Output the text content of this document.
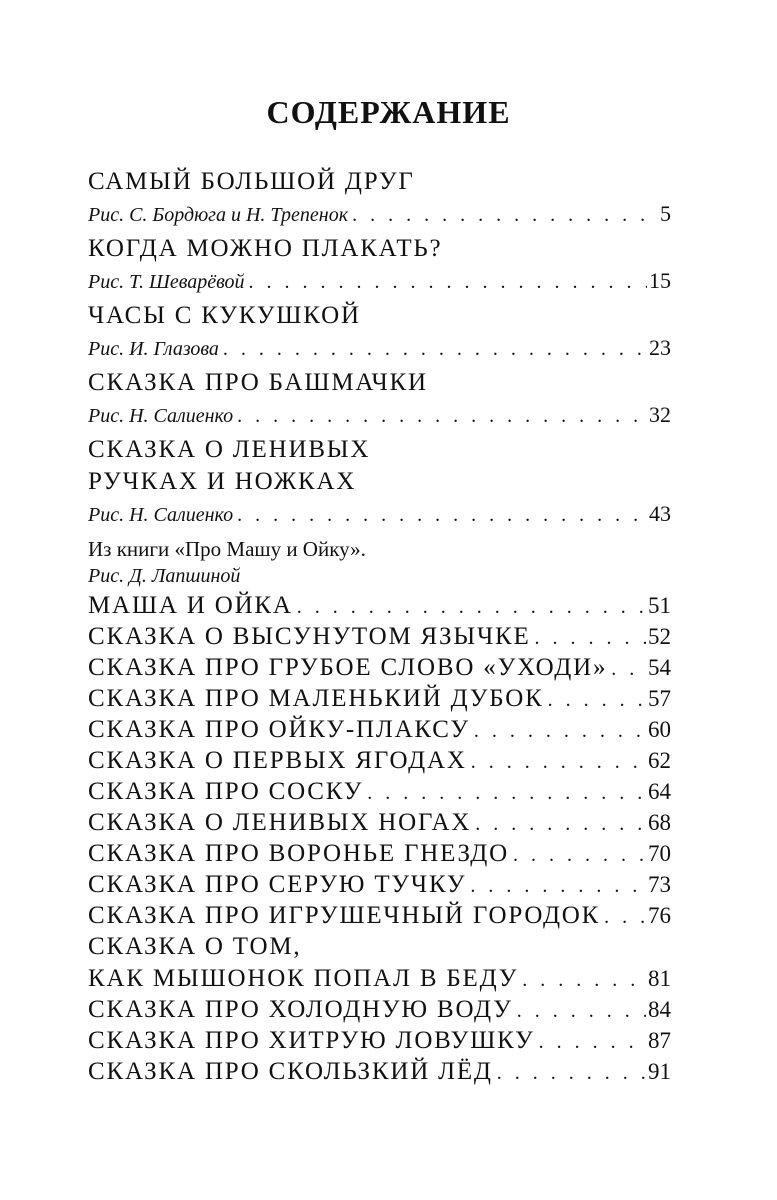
СОДЕРЖАНИЕ
САМЫЙ БОЛЬШОЙ ДРУГ
Рис. С. Бордюга и Н. Трепенок . . .	5
КОГДА МОЖНО ПЛАКАТЬ?
Рис. Т. Шеварёвой . . .	15
ЧАСЫ С КУКУШКОЙ
Рис. И. Глазова . . .	23
СКАЗКА ПРО БАШМАЧКИ
Рис. Н. Салиенко . . .	32
СКАЗКА О ЛЕНИВЫХ
РУЧКАХ И НОЖКАХ
Рис. Н. Салиенко . . .	43
Из книги «Про Машу и Ойку».
Рис. Д. Лапшиной
МАША И ОЙКА . . .	51
СКАЗКА О ВЫСУНУТОМ ЯЗЫЧКЕ . . .	52
СКАЗКА ПРО ГРУБОЕ СЛОВО «УХОДИ» . . . 54
СКАЗКА ПРО МАЛЕНЬКИЙ ДУБОК . . .	57
СКАЗКА ПРО ОЙКУ-ПЛАКСУ . . .	60
СКАЗКА О ПЕРВЫХ ЯГОДАХ . . .	62
СКАЗКА ПРО СОСКУ . . .	64
СКАЗКА О ЛЕНИВЫХ НОГАХ . . .	68
СКАЗКА ПРО ВОРОНЬЕ ГНЕЗДО . . .	70
СКАЗКА ПРО СЕРУЮ ТУЧКУ . . .	73
СКАЗКА ПРО ИГРУШЕЧНЫЙ ГОРОДОК . . . 76
СКАЗКА О ТОМ,
КАК МЫШОНОК ПОПАЛ В БЕДУ . . .	81
СКАЗКА ПРО ХОЛОДНУЮ ВОДУ . . .	84
СКАЗКА ПРО ХИТРУЮ ЛОВУШКУ . . .	87
СКАЗКА ПРО СКОЛЬЗКИЙ ЛЁД . . .	91
